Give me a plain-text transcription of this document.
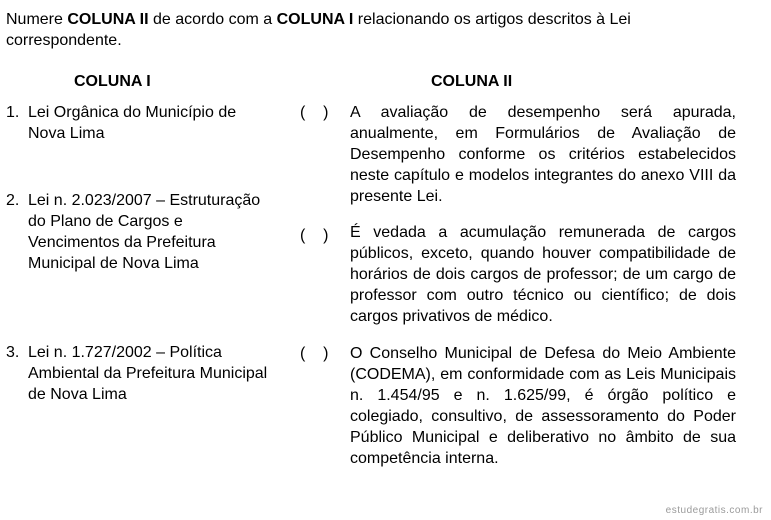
Numere COLUNA II de acordo com a COLUNA I relacionando os artigos descritos à Lei correspondente.
COLUNA I	COLUNA II
1. Lei Orgânica do Município de Nova Lima
2. Lei n. 2.023/2007 – Estruturação do Plano de Cargos e Vencimentos da Prefeitura Municipal de Nova Lima
3. Lei n. 1.727/2002 – Política Ambiental da Prefeitura Municipal de Nova Lima
(    )
(    )
(    )
A avaliação de desempenho será apurada, anualmente, em Formulários de Avaliação de Desempenho conforme os critérios estabelecidos neste capítulo e modelos integrantes do anexo VIII da presente Lei.
É vedada a acumulação remunerada de cargos públicos, exceto, quando houver compatibilidade de horários de dois cargos de professor; de um cargo de professor com outro técnico ou científico; de dois cargos privativos de médico.
O Conselho Municipal de Defesa do Meio Ambiente (CODEMA), em conformidade com as Leis Municipais n. 1.454/95 e n. 1.625/99, é órgão político e colegiado, consultivo, de assessoramento do Poder Público Municipal e deliberativo no âmbito de sua competência interna.
estudegratis.com.br
